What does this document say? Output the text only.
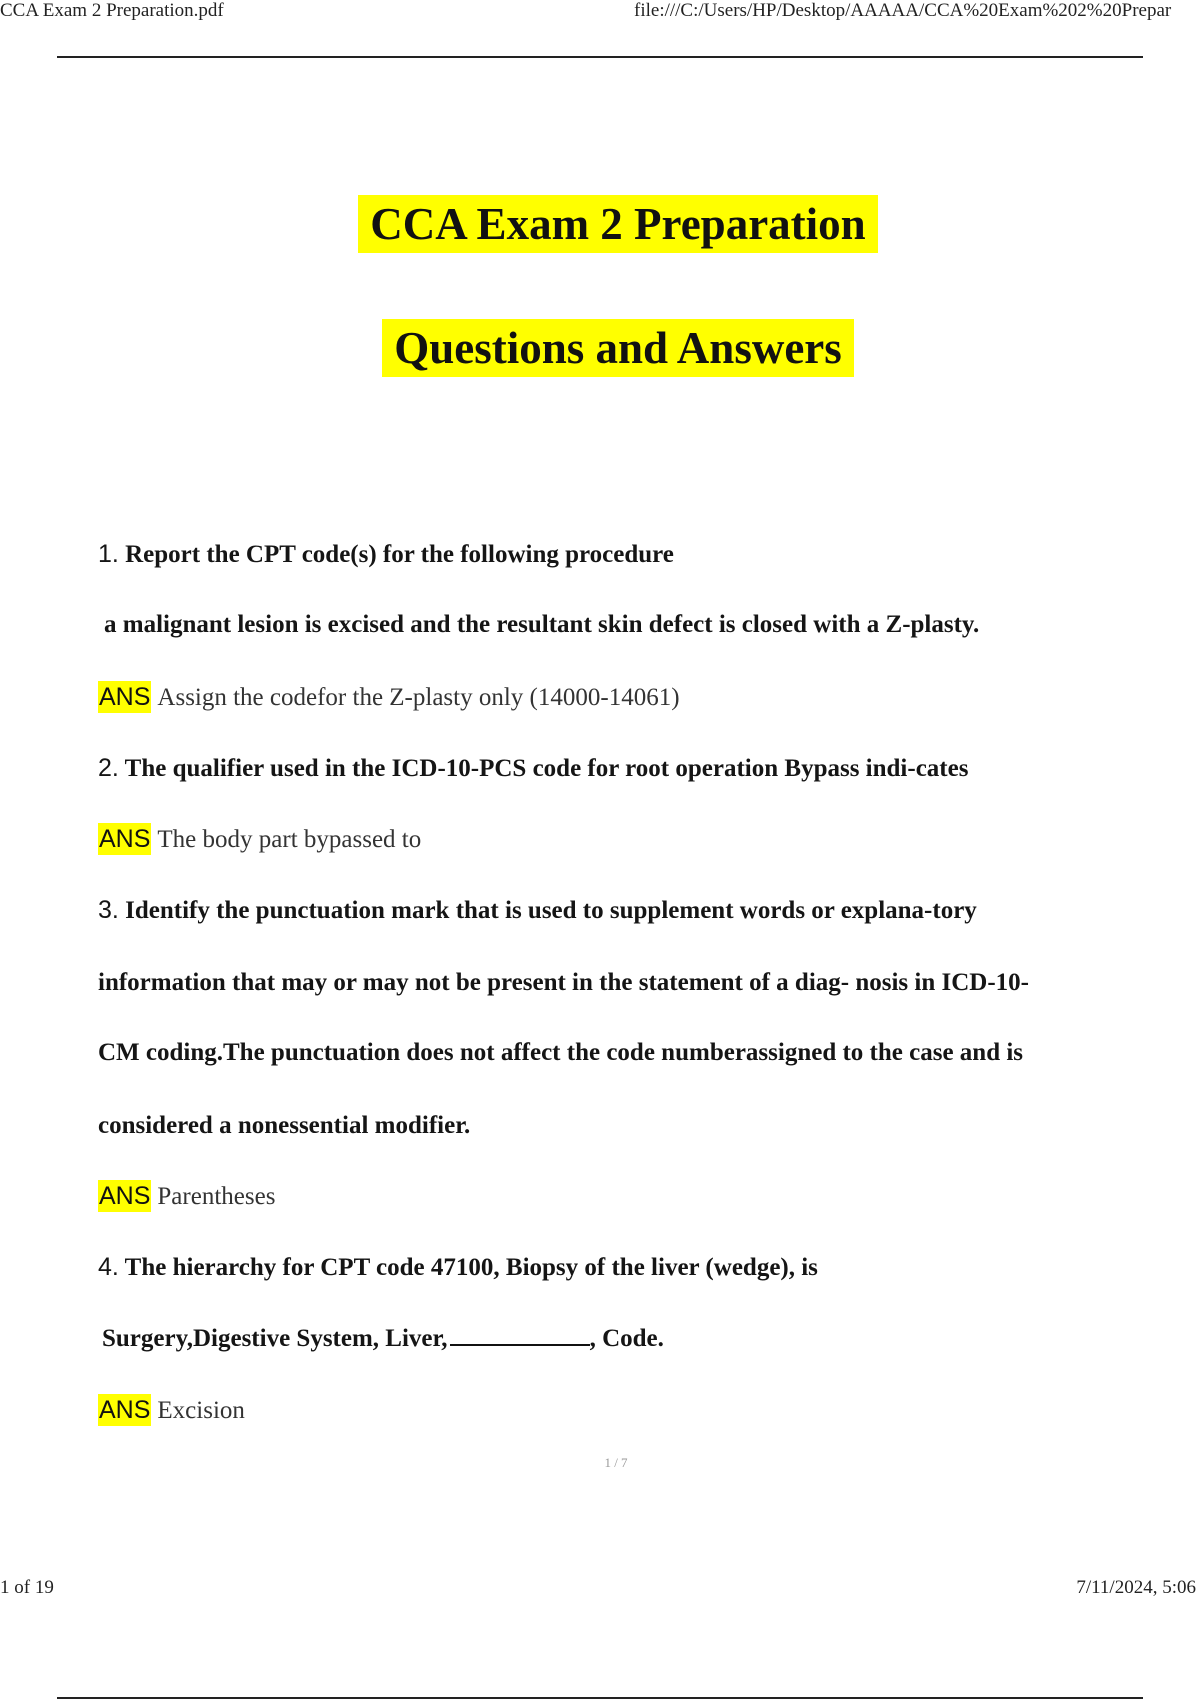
CCA Exam 2 Preparation.pdf	file:///C:/Users/HP/Desktop/AAAAA/CCA%20Exam%202%20Prepar
CCA Exam 2 Preparation
Questions and Answers
1. Report the CPT code(s) for the following procedure
a malignant lesion is excised and the resultant skin defect is closed with a Z-plasty.
ANS Assign the codefor the Z-plasty only (14000-14061)
2. The qualifier used in the ICD-10-PCS code for root operation Bypass indi-cates
ANS The body part bypassed to
3. Identify the punctuation mark that is used to supplement words or explana-tory
information that may or may not be present in the statement of a diag- nosis in ICD-10-
CM coding.The punctuation does not affect the code numberassigned to the case and is
considered a nonessential modifier.
ANS Parentheses
4. The hierarchy for CPT code 47100, Biopsy of the liver (wedge), is
Surgery,Digestive System, Liver,	, Code.
ANS Excision
1 / 7
1 of 19	7/11/2024, 5:06
